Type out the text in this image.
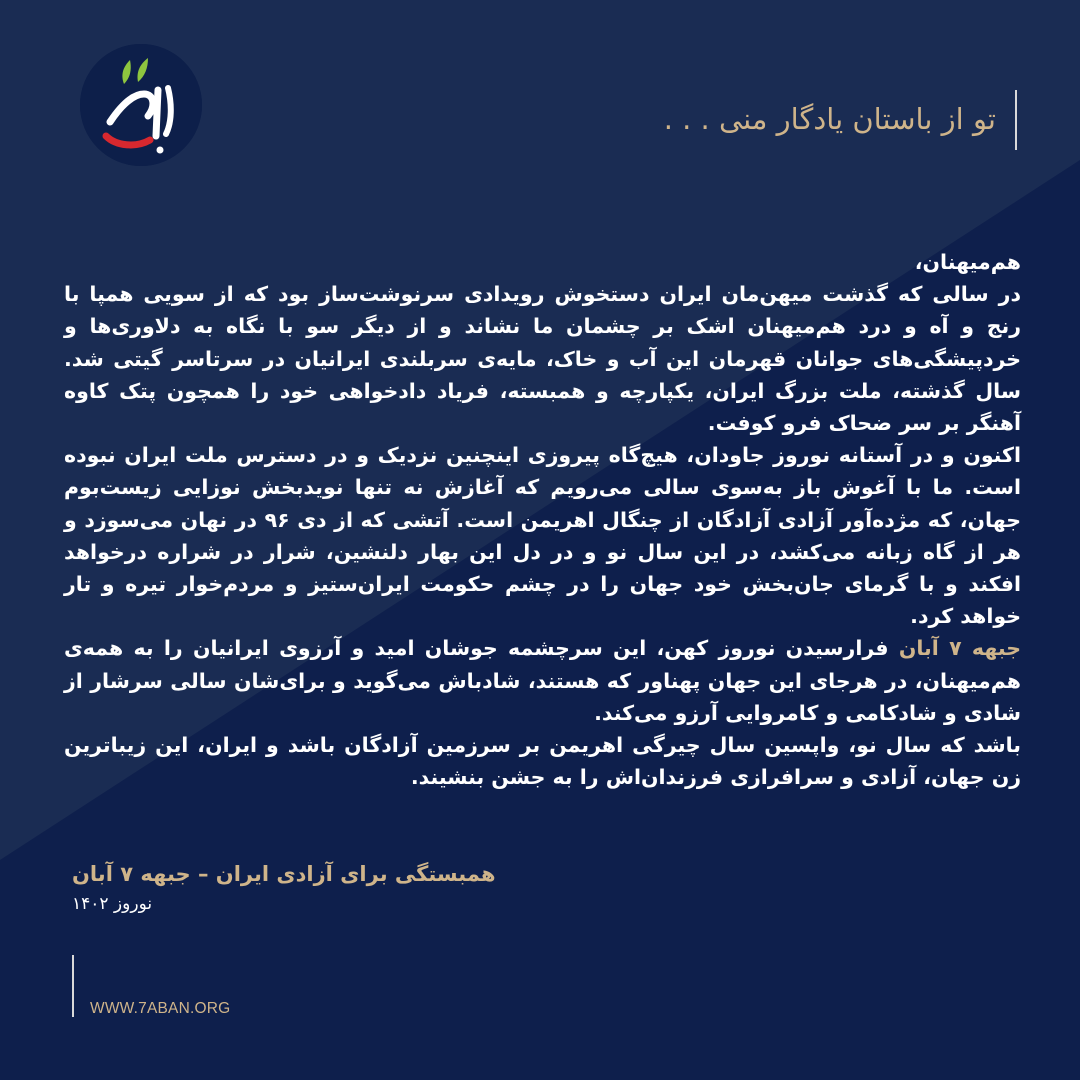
تو از باستان یادگار منی . . .

هم‌میهنان،

در سالی که گذشت میهن‌مان ایران دستخوش رویدادی سرنوشت‌ساز بود که از سویی همپا با رنج و آه و درد هم‌میهنان اشک بر چشمان ما نشاند و از دیگر سو با نگاه به دلاوری‌ها و خردپیشگی‌های جوانان قهرمان این آب و خاک، مایه‌ی سربلندی ایرانیان در سرتاسر گیتی شد. سال گذشته، ملت بزرگ ایران، یکپارچه و همبسته، فریاد دادخواهی خود را همچون پتک کاوه آهنگر بر سر ضحاک فرو کوفت.

اکنون و در آستانه نوروز جاودان، هیچ‌گاه پیروزی اینچنین نزدیک و در دسترس ملت ایران نبوده است. ما با آغوش باز به‌سوی سالی می‌رویم که آغازش نه تنها نویدبخش نوزایی زیست‌بوم جهان، که مژده‌آور آزادی آزادگان از چنگال اهریمن است. آتشی که از دی ۹۶ در نهان می‌سوزد و هر از گاه زبانه می‌کشد، در این سال نو و در دل این بهار دلنشین، شرار در شراره درخواهد افکند و با گرمای جان‌بخش خود جهان را در چشم حکومت ایران‌ستیز و مردم‌خوار تیره و تار خواهد کرد.

جبهه ۷ آبان فرارسیدن نوروز کهن، این سرچشمه جوشان امید و آرزوی ایرانیان را به همه‌ی هم‌میهنان، در هرجای این جهان پهناور که هستند، شادباش می‌گوید و برای‌شان سالی سرشار از شادی و شادکامی و کامروایی آرزو می‌کند.

باشد که سال نو، واپسین سال چیرگی اهریمن بر سرزمین آزادگان باشد و ایران، این زیباترین زن جهان، آزادی و سرافرازی فرزندان‌اش را به جشن بنشیند.

همبستگی برای آزادی ایران – جبهه ۷ آبان
نوروز ۱۴۰۲
WWW.7ABAN.ORG
